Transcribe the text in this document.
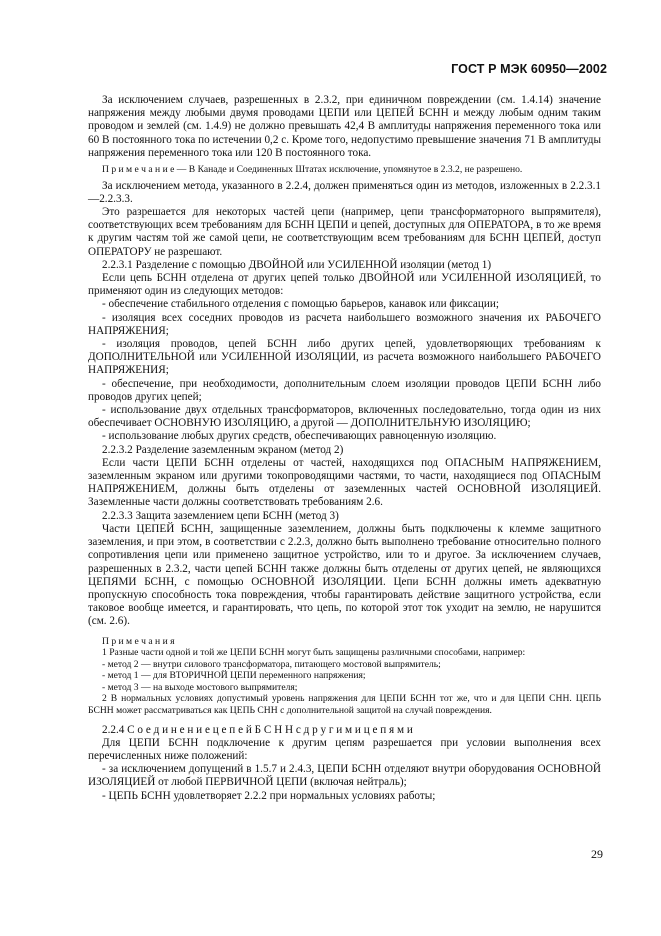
ГОСТ Р МЭК 60950—2002

За исключением случаев, разрешенных в 2.3.2, при единичном повреждении (см. 1.4.14) значение напряжения между любыми двумя проводами ЦЕПИ или ЦЕПЕЙ БСНН и между любым одним таким проводом и землей (см. 1.4.9) не должно превышать 42,4 В амплитуды напряжения переменного тока или 60 В постоянного тока по истечении 0,2 с. Кроме того, недопустимо превышение значения 71 В амплитуды напряжения переменного тока или 120 В постоянного тока.

П р и м е ч а н и е — В Канаде и Соединенных Штатах исключение, упомянутое в 2.3.2, не разрешено.

За исключением метода, указанного в 2.2.4, должен применяться один из методов, изложенных в 2.2.3.1—2.2.3.3.

Это разрешается для некоторых частей цепи (например, цепи трансформаторного выпрямителя), соответствующих всем требованиям для БСНН ЦЕПИ и цепей, доступных для ОПЕРАТОРА, в то же время к другим частям той же самой цепи, не соответствующим всем требованиям для БСНН ЦЕПЕЙ, доступ ОПЕРАТОРУ не разрешают.

2.2.3.1 Разделение с помощью ДВОЙНОЙ или УСИЛЕННОЙ изоляции (метод 1)

Если цепь БСНН отделена от других цепей только ДВОЙНОЙ или УСИЛЕННОЙ ИЗОЛЯЦИЕЙ, то применяют один из следующих методов:

- обеспечение стабильного отделения с помощью барьеров, канавок или фиксации;

- изоляция всех соседних проводов из расчета наибольшего возможного значения их РАБОЧЕГО НАПРЯЖЕНИЯ;

- изоляция проводов, цепей БСНН либо других цепей, удовлетворяющих требованиям к ДОПОЛНИТЕЛЬНОЙ или УСИЛЕННОЙ ИЗОЛЯЦИИ, из расчета возможного наибольшего РАБОЧЕГО НАПРЯЖЕНИЯ;

- обеспечение, при необходимости, дополнительным слоем изоляции проводов ЦЕПИ БСНН либо проводов других цепей;

- использование двух отдельных трансформаторов, включенных последовательно, тогда один из них обеспечивает ОСНОВНУЮ ИЗОЛЯЦИЮ, а другой — ДОПОЛНИТЕЛЬНУЮ ИЗОЛЯЦИЮ;

- использование любых других средств, обеспечивающих равноценную изоляцию.

2.2.3.2 Разделение заземленным экраном (метод 2)

Если части ЦЕПИ БСНН отделены от частей, находящихся под ОПАСНЫМ НАПРЯЖЕНИЕМ, заземленным экраном или другими токопроводящими частями, то части, находящиеся под ОПАСНЫМ НАПРЯЖЕНИЕМ, должны быть отделены от заземленных частей ОСНОВНОЙ ИЗОЛЯЦИЕЙ. Заземленные части должны соответствовать требованиям 2.6.

2.2.3.3 Защита заземлением цепи БСНН (метод 3)

Части ЦЕПЕЙ БСНН, защищенные заземлением, должны быть подключены к клемме защитного заземления, и при этом, в соответствии с 2.2.3, должно быть выполнено требование относительно полного сопротивления цепи или применено защитное устройство, или то и другое. За исключением случаев, разрешенных в 2.3.2, части цепей БСНН также должны быть отделены от других цепей, не являющихся ЦЕПЯМИ БСНН, с помощью ОСНОВНОЙ ИЗОЛЯЦИИ. Цепи БСНН должны иметь адекватную пропускную способность тока повреждения, чтобы гарантировать действие защитного устройства, если таковое вообще имеется, и гарантировать, что цепь, по которой этот ток уходит на землю, не нарушится (см. 2.6).

П р и м е ч а н и я

1 Разные части одной и той же ЦЕПИ БСНН могут быть защищены различными способами, например:

- метод 2 — внутри силового трансформатора, питающего мостовой выпрямитель;

- метод 1 — для ВТОРИЧНОЙ ЦЕПИ переменного напряжения;

- метод 3 — на выходе мостового выпрямителя;

2 В нормальных условиях допустимый уровень напряжения для ЦЕПИ БСНН тот же, что и для ЦЕПИ СНН. ЦЕПЬ БСНН может рассматриваться как ЦЕПЬ СНН с дополнительной защитой на случай повреждения.

2.2.4 С о е д и н е н и е ц е п е й Б С Н Н с д р у г и м и ц е п я м и

Для ЦЕПИ БСНН подключение к другим цепям разрешается при условии выполнения всех перечисленных ниже положений:

- за исключением допущений в 1.5.7 и 2.4.3, ЦЕПИ БСНН отделяют внутри оборудования ОСНОВНОЙ ИЗОЛЯЦИЕЙ от любой ПЕРВИЧНОЙ ЦЕПИ (включая нейтраль);

- ЦЕПЬ БСНН удовлетворяет 2.2.2 при нормальных условиях работы;

29
